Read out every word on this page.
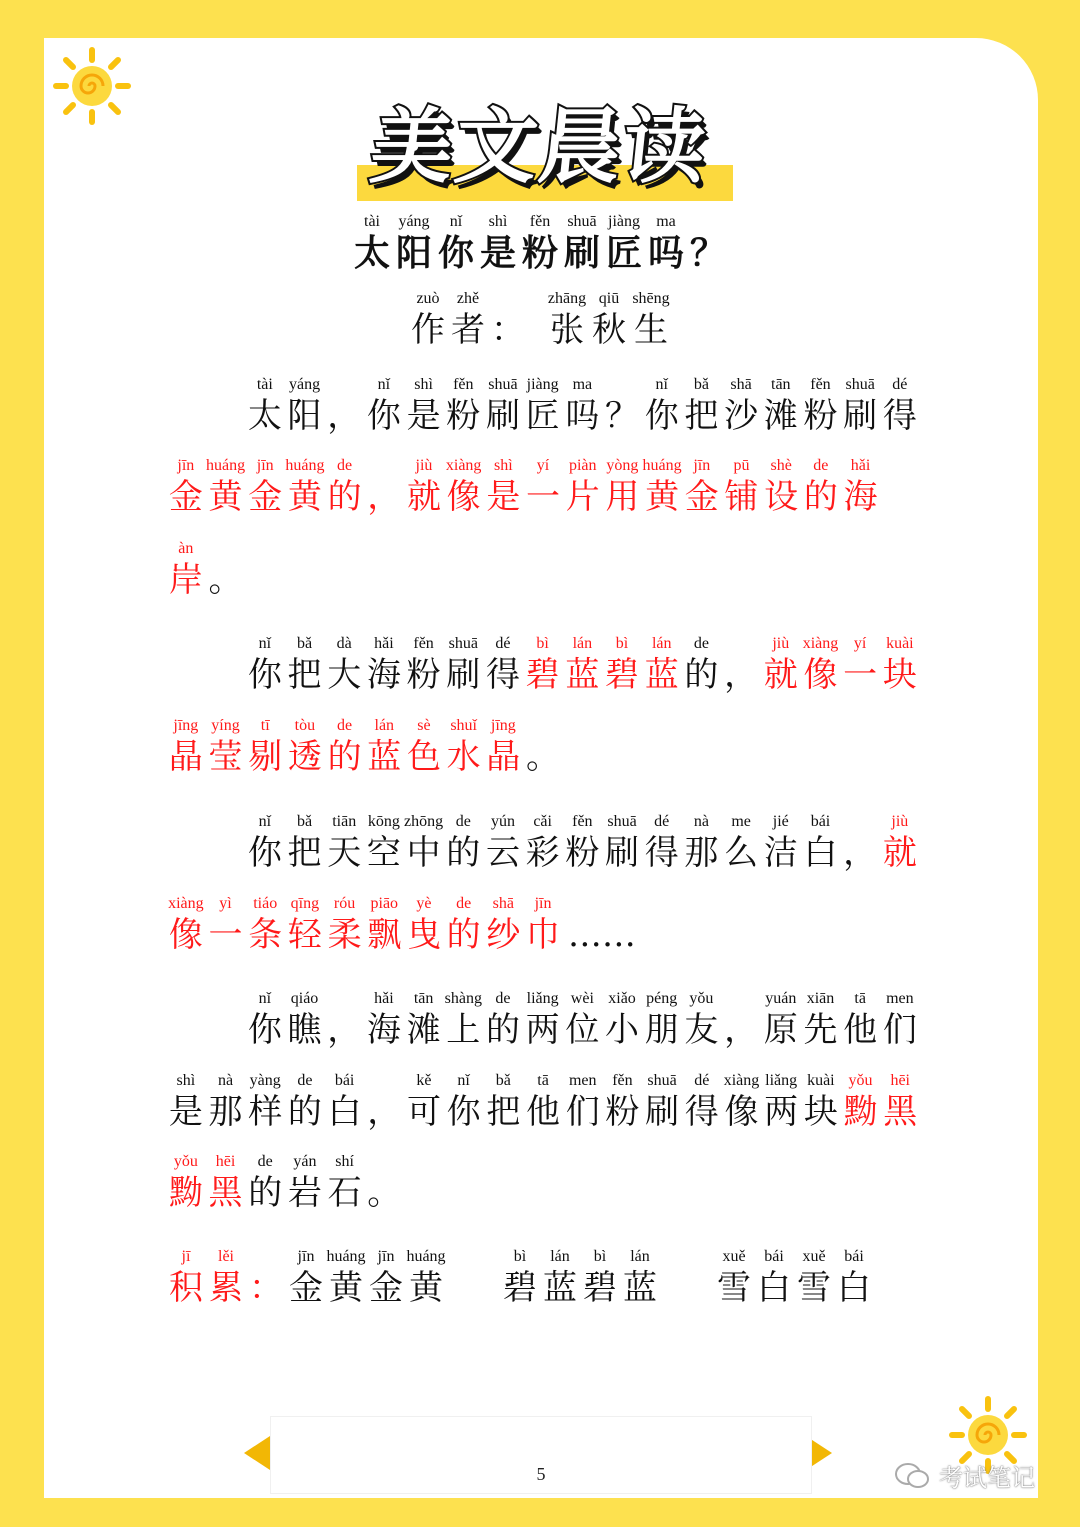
美文晨读
tài
太
yáng
阳
nǐ
你
shì
是
fěn
粉
shuā
刷
jiàng
匠
ma
吗 ？
zuò
作
zhě
者 ：
zhāng
张
qiū
秋
shēng
生
tài
太
yáng
阳 ，
nǐ
你
shì
是
fěn
粉
shuā
刷
jiàng
匠
ma
吗 ？
nǐ
你
bǎ
把
shā
沙
tān
滩
fěn
粉
shuā
刷
dé
得
jīn
金
huáng
黄
jīn
金
huáng
黄
de
的 ，
jiù
就
xiàng
像
shì
是
yí
一
piàn
片
yòng
用
huáng
黄
jīn
金
pū
铺
shè
设
de
的
hǎi
海
àn
岸 。
nǐ
你
bǎ
把
dà
大
hǎi
海
fěn
粉
shuā
刷
dé
得
bì
碧
lán
蓝
bì
碧
lán
蓝
de
的 ，
jiù
就
xiàng
像
yí
一
kuài
块
jīng
晶
yíng
莹
tī
剔
tòu
透
de
的
lán
蓝
sè
色
shuǐ
水
jīng
晶 。
nǐ
你
bǎ
把
tiān
天
kōng
空
zhōng
中
de
的
yún
云
cǎi
彩
fěn
粉
shuā
刷
dé
得
nà
那
me
么
jié
洁
bái
白 ，
jiù
就
xiàng
像
yì
一
tiáo
条
qīng
轻
róu
柔
piāo
飘
yè
曳
de
的
shā
纱
jīn
巾 ……
nǐ
你
qiáo
瞧 ，
hǎi
海
tān
滩
shàng
上
de
的
liǎng
两
wèi
位
xiǎo
小
péng
朋
yǒu
友 ，
yuán
原
xiān
先
tā
他
men
们
shì
是
nà
那
yàng
样
de
的
bái
白 ，
kě
可
nǐ
你
bǎ
把
tā
他
men
们
fěn
粉
shuā
刷
dé
得
xiàng
像
liǎng
两
kuài
块
yǒu
黝
hēi
黑
yǒu
黝
hēi
黑
de
的
yán
岩
shí
石 。
jī
积
lěi
累 ：
jīn
金
huáng
黄
jīn
金
huáng
黄
bì
碧
lán
蓝
bì
碧
lán
蓝
xuě
雪
bái
白
xuě
雪
bái
白
5	考试笔记
